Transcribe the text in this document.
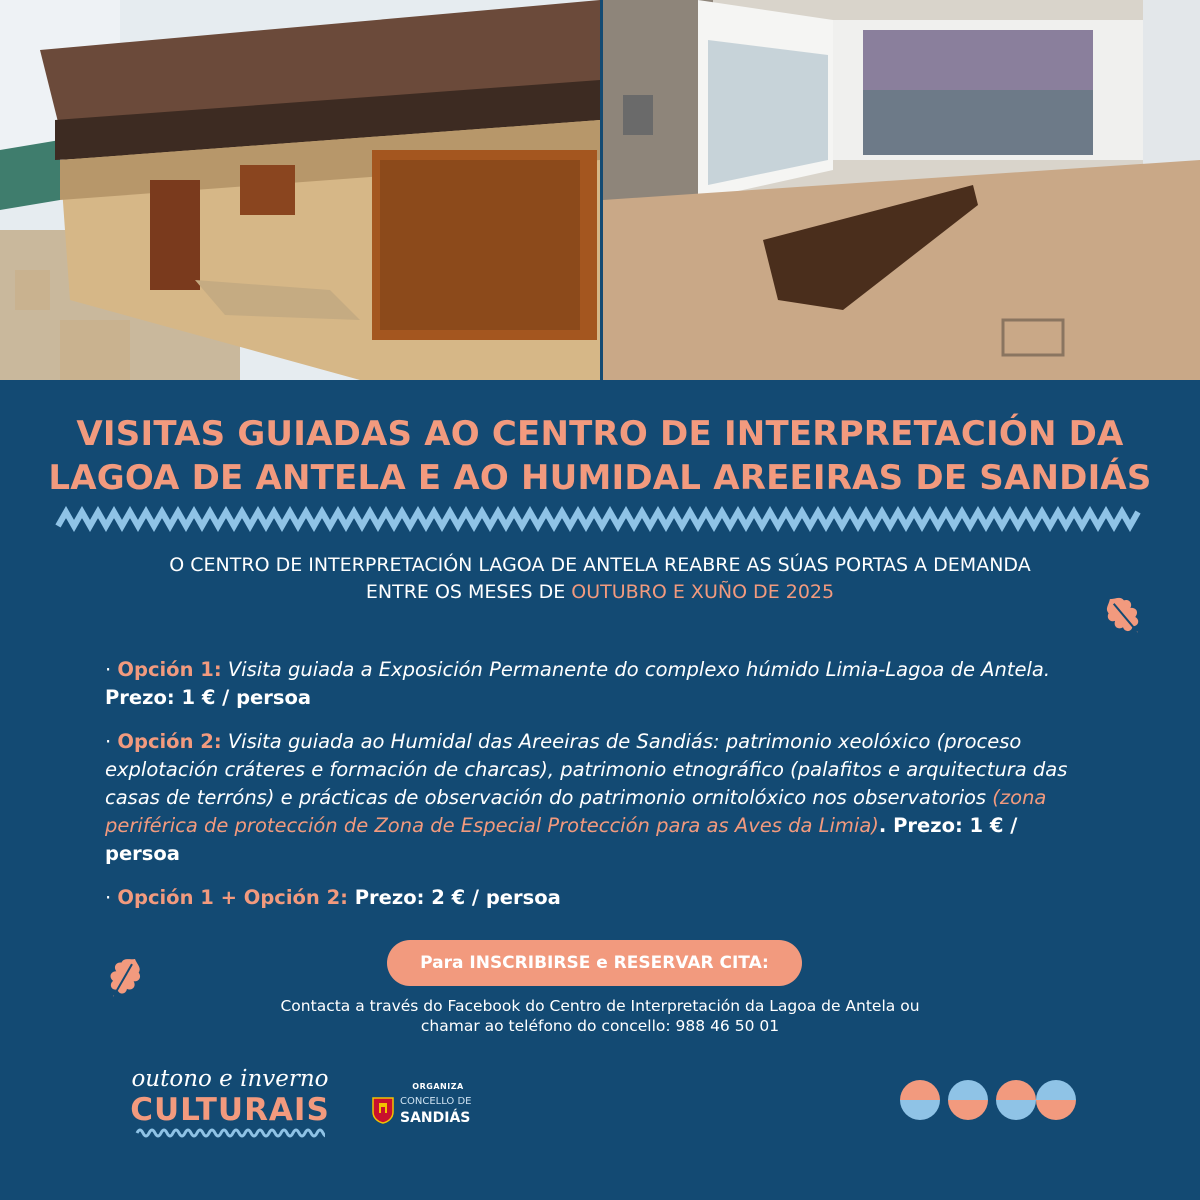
VISITAS GUIADAS AO CENTRO DE INTERPRETACIÓN DA
LAGOA DE ANTELA E AO HUMIDAL AREEIRAS DE SANDIÁS
O CENTRO DE INTERPRETACIÓN LAGOA DE ANTELA REABRE AS SÚAS PORTAS A DEMANDA
ENTRE OS MESES DE OUTUBRO E XUÑO DE 2025

· Opción 1: Visita guiada a Exposición Permanente do complexo húmido Limia-Lagoa de Antela. Prezo: 1 € / persoa

· Opción 2: Visita guiada ao Humidal das Areeiras de Sandiás: patrimonio xeolóxico (proceso explotación cráteres e formación de charcas), patrimonio etnográfico (palafitos e arquitectura das casas de terróns) e prácticas de observación do patrimonio ornitolóxico nos observatorios (zona periférica de protección de Zona de Especial Protección para as Aves da Limia). Prezo: 1 € / persoa

· Opción 1 + Opción 2: Prezo: 2 € / persoa

Para INSCRIBIRSE e RESERVAR CITA:
Contacta a través do Facebook do Centro de Interpretación da Lagoa de Antela ou
chamar ao teléfono do concello: 988 46 50 01
outono e inverno
CULTURAIS
ORGANIZA
CONCELLO DE
SANDIÁS
